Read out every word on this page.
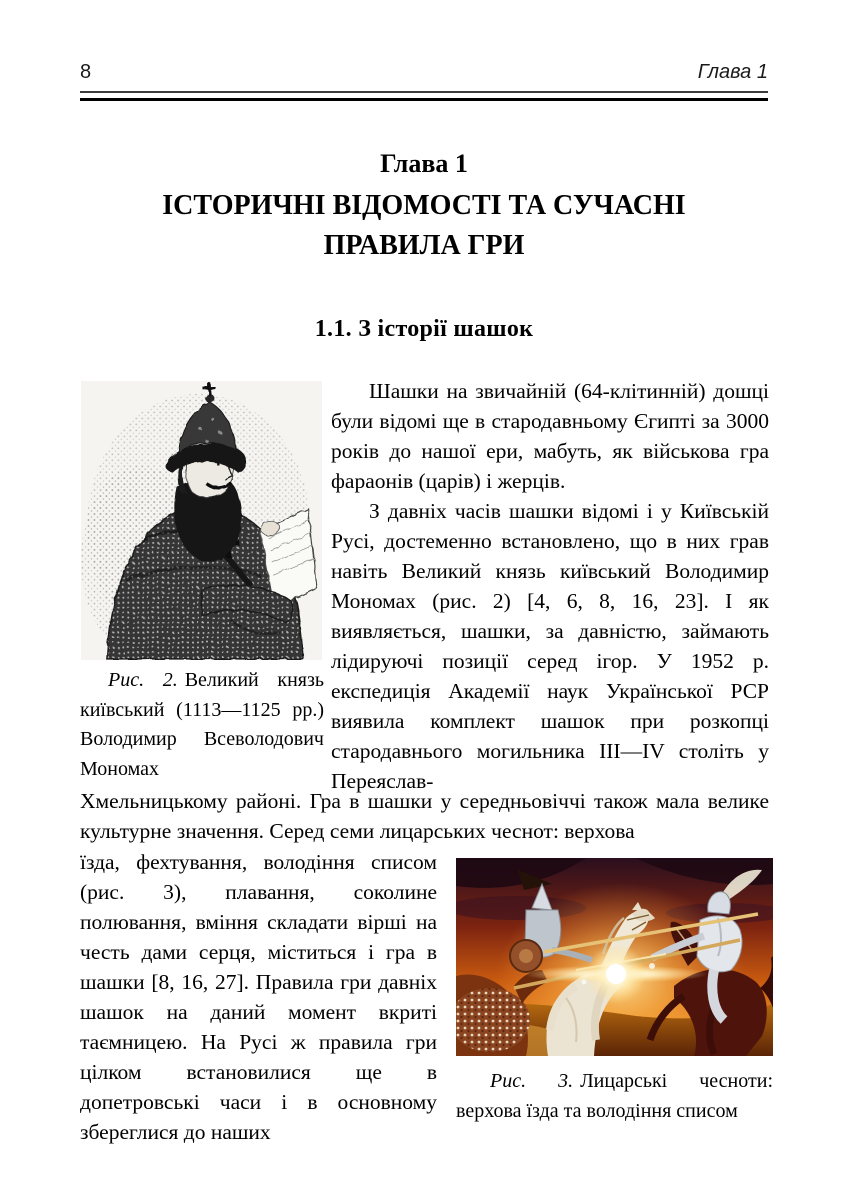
8	Глава 1
Глава 1
ІСТОРИЧНІ ВІДОМОСТІ ТА СУЧАСНІ
ПРАВИЛА ГРИ
1.1. З історії шашок

Шашки на звичайній (64-клітинній) дошці були відомі ще в стародавньому Єгипті за 3000 років до нашої ери, мабуть, як військова гра фараонів (царів) і жерців.

З давніх часів шашки відомі і у Київській Русі, достеменно встановлено, що в них грав навіть Великий князь київський Володимир Мономах (рис. 2) [4, 6, 8, 16, 23]. І як виявляється, шашки, за давністю, займають лідируючі позиції серед ігор. У 1952 р. експедиція Академії наук Української РСР виявила комплект шашок при розкопці стародавнього могильника III—IV століть у Переяслав-

Рис. 2. Великий князь київський (1113—1125 рр.) Володимир Всеволодович Мономах
Хмельницькому районі. Гра в шашки у середньовіччі також мала велике культурне значення. Серед семи лицарських чеснот: верхова
їзда, фехтування, володіння списом (рис. 3), плавання, соколине полювання, вміння складати вірші на честь дами серця, міститься і гра в шашки [8, 16, 27]. Правила гри давніх шашок на даний момент вкриті таємницею. На Русі ж правила гри цілком встановилися ще в допетровські часи і в основному збереглися до наших
Рис. 3. Лицарські чесноти: верхова їзда та володіння списом
